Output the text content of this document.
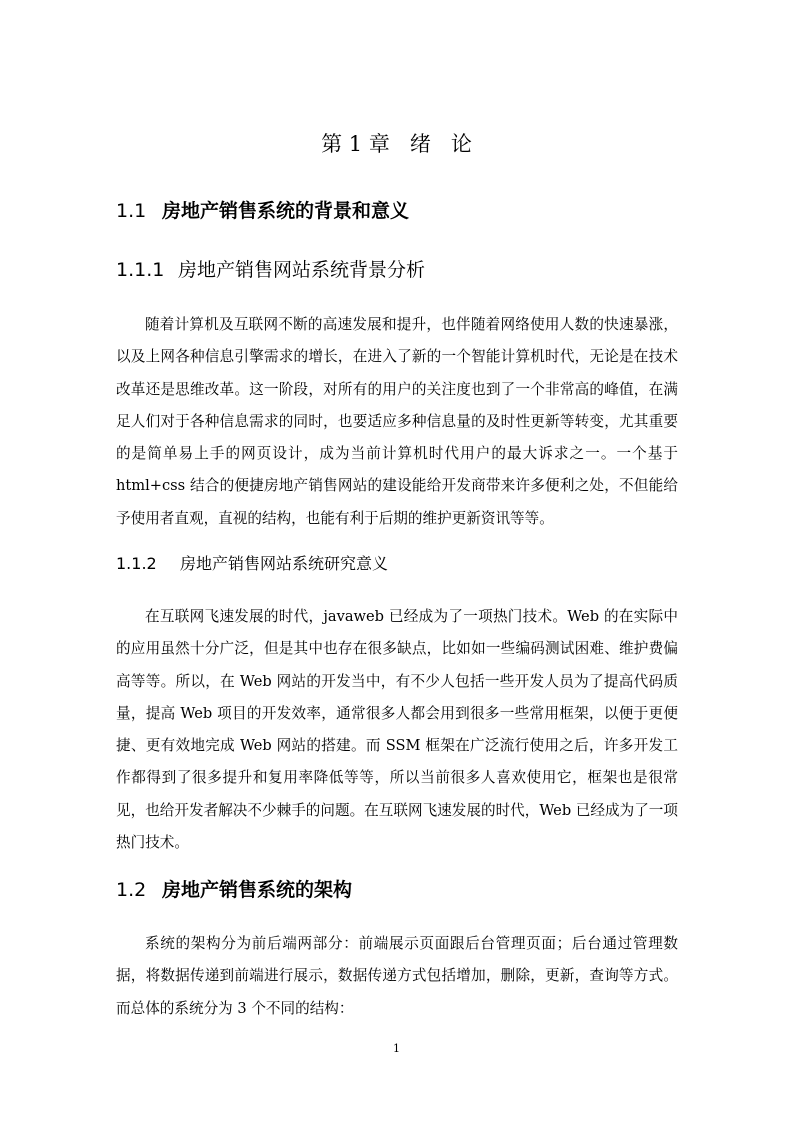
第 1 章   绪   论
1.1 房地产销售系统的背景和意义
1.1.1 房地产销售网站系统背景分析
随着计算机及互联网不断的高速发展和提升，也伴随着网络使用人数的快速暴涨，以及上网各种信息引擎需求的增长，在进入了新的一个智能计算机时代，无论是在技术改革还是思维改革。这一阶段，对所有的用户的关注度也到了一个非常高的峰值，在满足人们对于各种信息需求的同时，也要适应多种信息量的及时性更新等转变，尤其重要的是简单易上手的网页设计，成为当前计算机时代用户的最大诉求之一。一个基于 html+css 结合的便捷房地产销售网站的建设能给开发商带来许多便利之处，不但能给予使用者直观，直视的结构，也能有利于后期的维护更新资讯等等。
1.1.2 房地产销售网站系统研究意义
在互联网飞速发展的时代，javaweb 已经成为了一项热门技术。Web 的在实际中的应用虽然十分广泛，但是其中也存在很多缺点，比如如一些编码测试困难、维护费偏高等等。所以，在 Web 网站的开发当中，有不少人包括一些开发人员为了提高代码质量，提高 Web 项目的开发效率，通常很多人都会用到很多一些常用框架，以便于更便捷、更有效地完成 Web 网站的搭建。而 SSM 框架在广泛流行使用之后，许多开发工作都得到了很多提升和复用率降低等等，所以当前很多人喜欢使用它，框架也是很常见，也给开发者解决不少棘手的问题。在互联网飞速发展的时代，Web 已经成为了一项热门技术。
1.2 房地产销售系统的架构
系统的架构分为前后端两部分：前端展示页面跟后台管理页面；后台通过管理数据，将数据传递到前端进行展示，数据传递方式包括增加，删除，更新，查询等方式。而总体的系统分为 3 个不同的结构：
1
